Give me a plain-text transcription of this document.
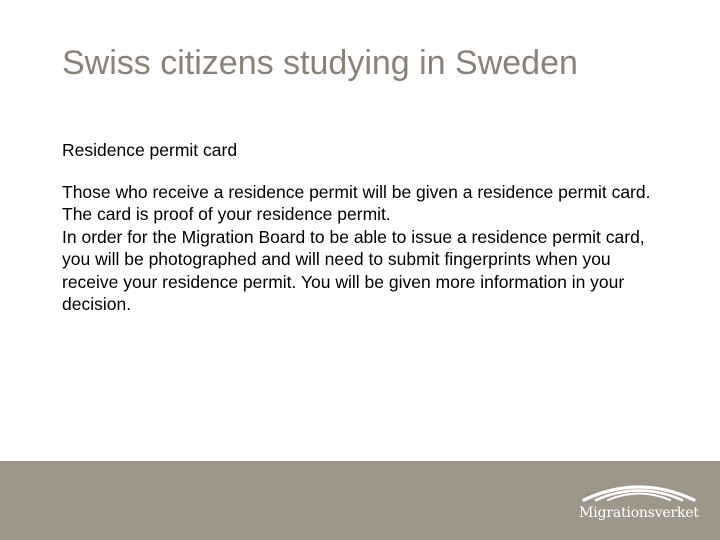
Swiss citizens studying in Sweden

Residence permit card

Those who receive a residence permit will be given a residence permit card. The card is proof of your residence permit.

In order for the Migration Board to be able to issue a residence permit card, you will be photographed and will need to submit fingerprints when you receive your residence permit. You will be given more information in your decision.

Migrationsverket
